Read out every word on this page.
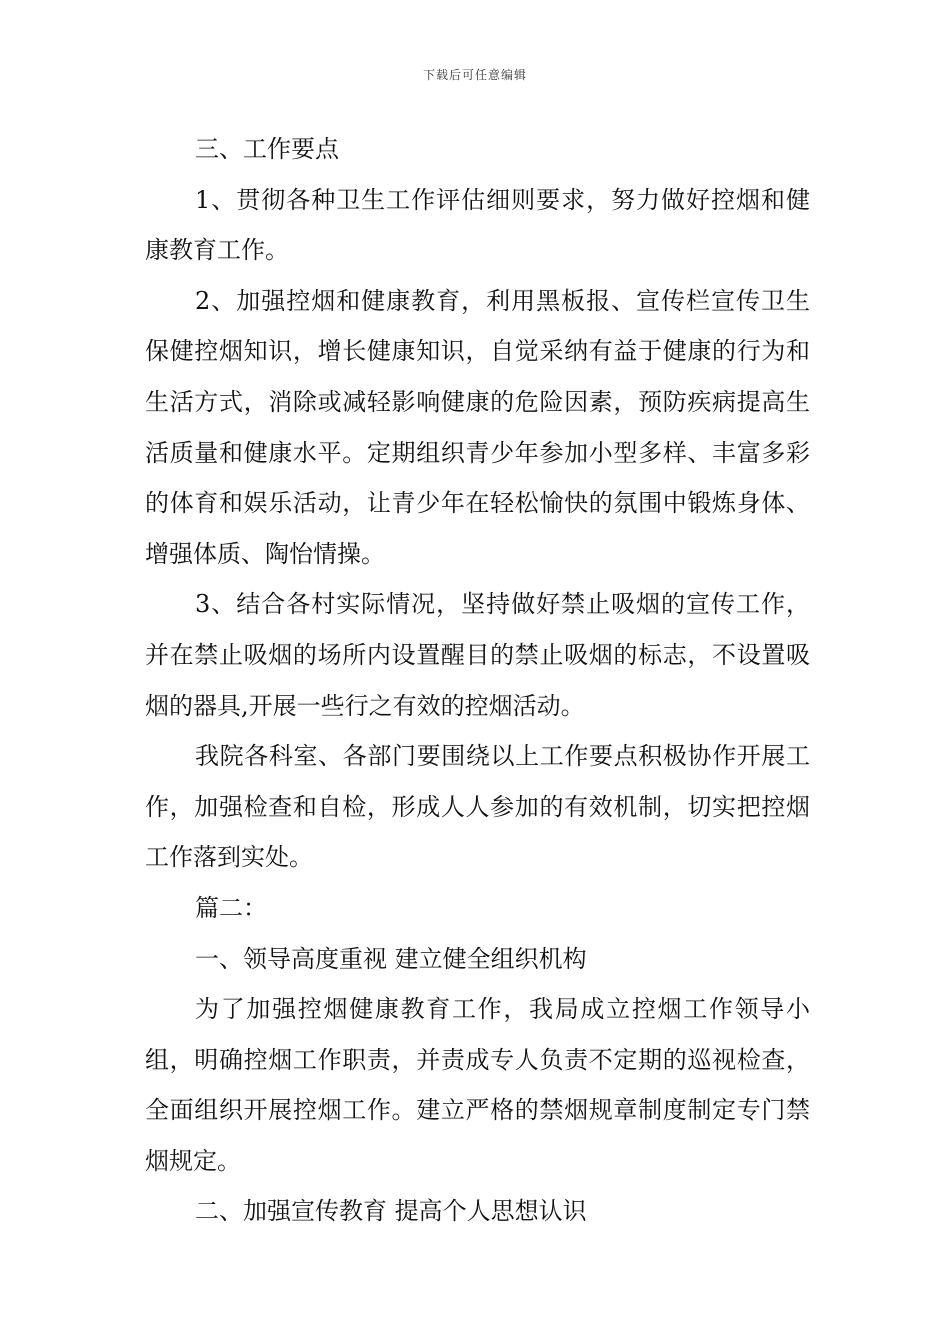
下载后可任意编辑

三、工作要点

1、贯彻各种卫生工作评估细则要求，努力做好控烟和健康教育工作。

2、加强控烟和健康教育，利用黑板报、宣传栏宣传卫生保健控烟知识，增长健康知识，自觉采纳有益于健康的行为和生活方式，消除或减轻影响健康的危险因素，预防疾病提高生活质量和健康水平。定期组织青少年参加小型多样、丰富多彩的体育和娱乐活动，让青少年在轻松愉快的氛围中锻炼身体、增强体质、陶怡情操。

3、结合各村实际情况，坚持做好禁止吸烟的宣传工作，并在禁止吸烟的场所内设置醒目的禁止吸烟的标志，不设置吸烟的器具,开展一些行之有效的控烟活动。

我院各科室、各部门要围绕以上工作要点积极协作开展工作，加强检查和自检，形成人人参加的有效机制，切实把控烟工作落到实处。

篇二：

一、领导高度重视 建立健全组织机构

为了加强控烟健康教育工作，我局成立控烟工作领导小组，明确控烟工作职责，并责成专人负责不定期的巡视检查，全面组织开展控烟工作。建立严格的禁烟规章制度制定专门禁烟规定。

二、加强宣传教育 提高个人思想认识
